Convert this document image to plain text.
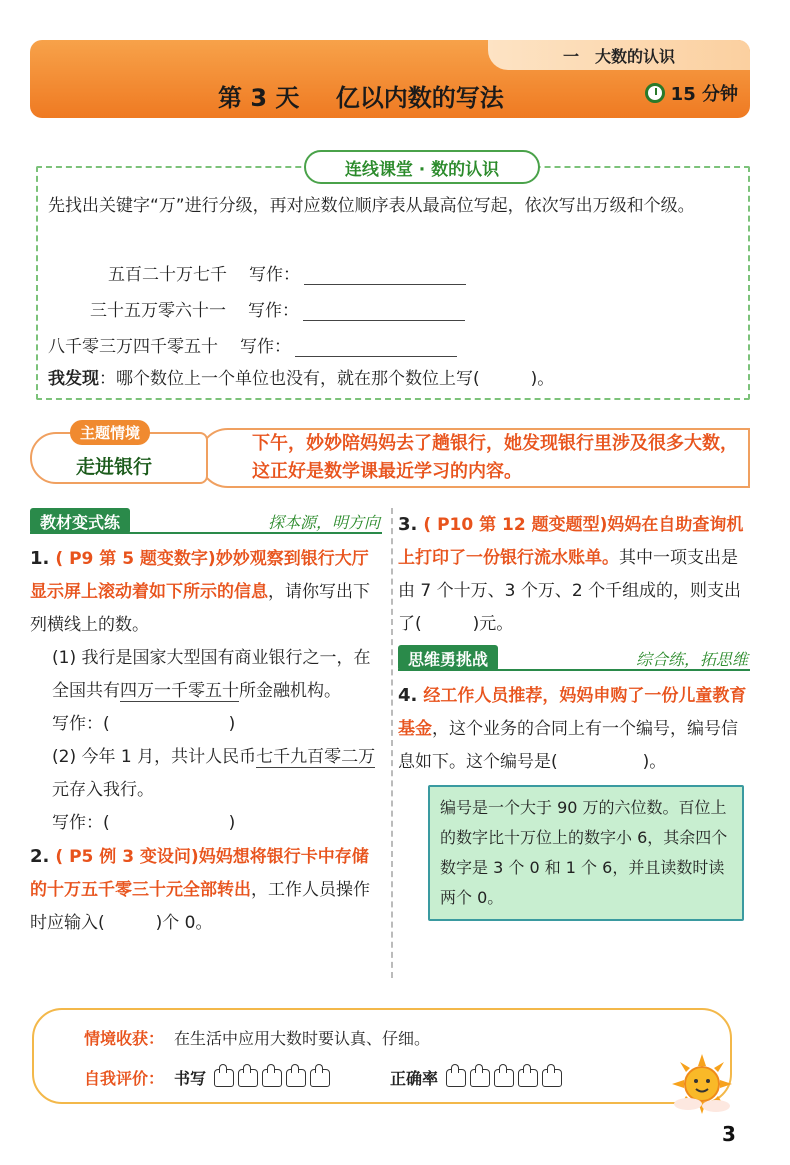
一　大数的认识
第 3 天 亿以内数的写法	15 分钟
连线课堂 · 数的认识
先找出关键字“万”进行分级，再对应数位顺序表从最高位写起，依次写出万级和个级。
五百二十万七千 写作：
三十五万零六十一 写作：
八千零三万四千零五十 写作：
我发现：哪个数位上一个单位也没有，就在那个数位上写(　　　)。
主题情境
走进银行
下午，妙妙陪妈妈去了趟银行，她发现银行里涉及很多大数，这正好是数学课最近学习的内容。
教材变式练	探本源，明方向
1. ( P9 第 5 题变数字)妙妙观察到银行大厅显示屏上滚动着如下所示的信息，请你写出下列横线上的数。
(1) 我行是国家大型国有商业银行之一，在全国共有四万一千零五十所金融机构。
写作：(　　　　　　　)
(2) 今年 1 月，共计人民币七千九百零二万元存入我行。
写作：(　　　　　　　)
2. ( P5 例 3 变设问)妈妈想将银行卡中存储的十万五千零三十元全部转出，工作人员操作时应输入(　　　)个 0。
3. ( P10 第 12 题变题型)妈妈在自助查询机上打印了一份银行流水账单。其中一项支出是由 7 个十万、3 个万、2 个千组成的，则支出了(　　　)元。
思维勇挑战	综合练，拓思维
4. 经工作人员推荐，妈妈申购了一份儿童教育基金，这个业务的合同上有一个编号，编号信息如下。这个编号是(　　　　　)。
编号是一个大于 90 万的六位数。百位上的数字比十万位上的数字小 6，其余四个数字是 3 个 0 和 1 个 6，并且读数时读两个 0。
情境收获： 在生活中应用大数时要认真、仔细。
自我评价： 书写	正确率
3
